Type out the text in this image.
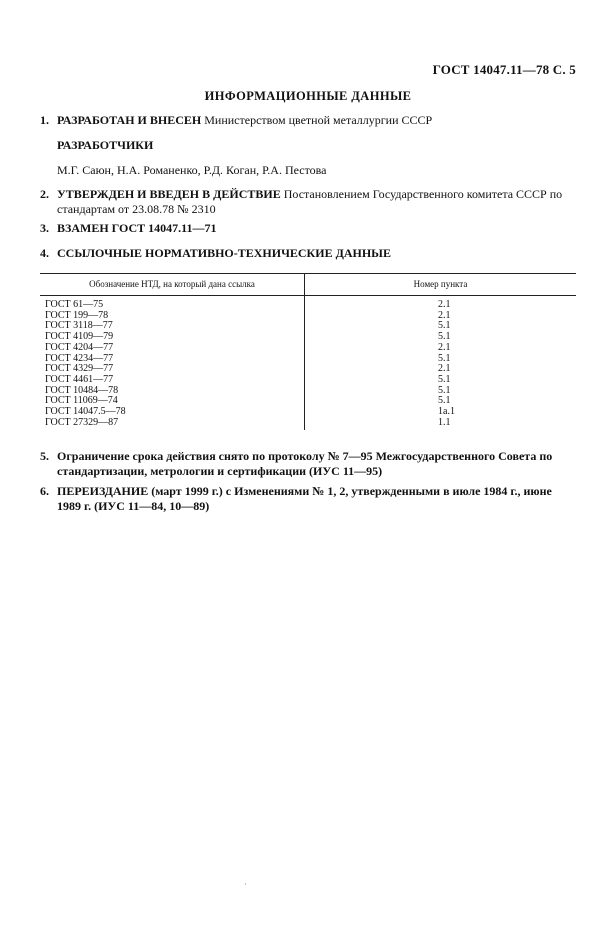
ГОСТ 14047.11—78 С. 5
ИНФОРМАЦИОННЫЕ ДАННЫЕ
1. РАЗРАБОТАН И ВНЕСЕН Министерством цветной металлургии СССР
РАЗРАБОТЧИКИ
М.Г. Саюн, Н.А. Романенко, Р.Д. Коган, Р.А. Пестова
2. УТВЕРЖДЕН И ВВЕДЕН В ДЕЙСТВИЕ Постановлением Государственного комитета СССР по стандартам от 23.08.78 № 2310
3. ВЗАМЕН ГОСТ 14047.11—71
4. ССЫЛОЧНЫЕ НОРМАТИВНО-ТЕХНИЧЕСКИЕ ДАННЫЕ
Обозначение НТД, на который дана ссылка	Номер пункта
ГОСТ 61—75	2.1
ГОСТ 199—78	2.1
ГОСТ 3118—77	5.1
ГОСТ 4109—79	5.1
ГОСТ 4204—77	2.1
ГОСТ 4234—77	5.1
ГОСТ 4329—77	2.1
ГОСТ 4461—77	5.1
ГОСТ 10484—78	5.1
ГОСТ 11069—74	5.1
ГОСТ 14047.5—78	1а.1
ГОСТ 27329—87	1.1
5. Ограничение срока действия снято по протоколу № 7—95 Межгосударственного Совета по стандартизации, метрологии и сертификации (ИУС 11—95)
6. ПЕРЕИЗДАНИЕ (март 1999 г.) с Изменениями № 1, 2, утвержденными в июле 1984 г., июне 1989 г. (ИУС 11—84, 10—89)
·
